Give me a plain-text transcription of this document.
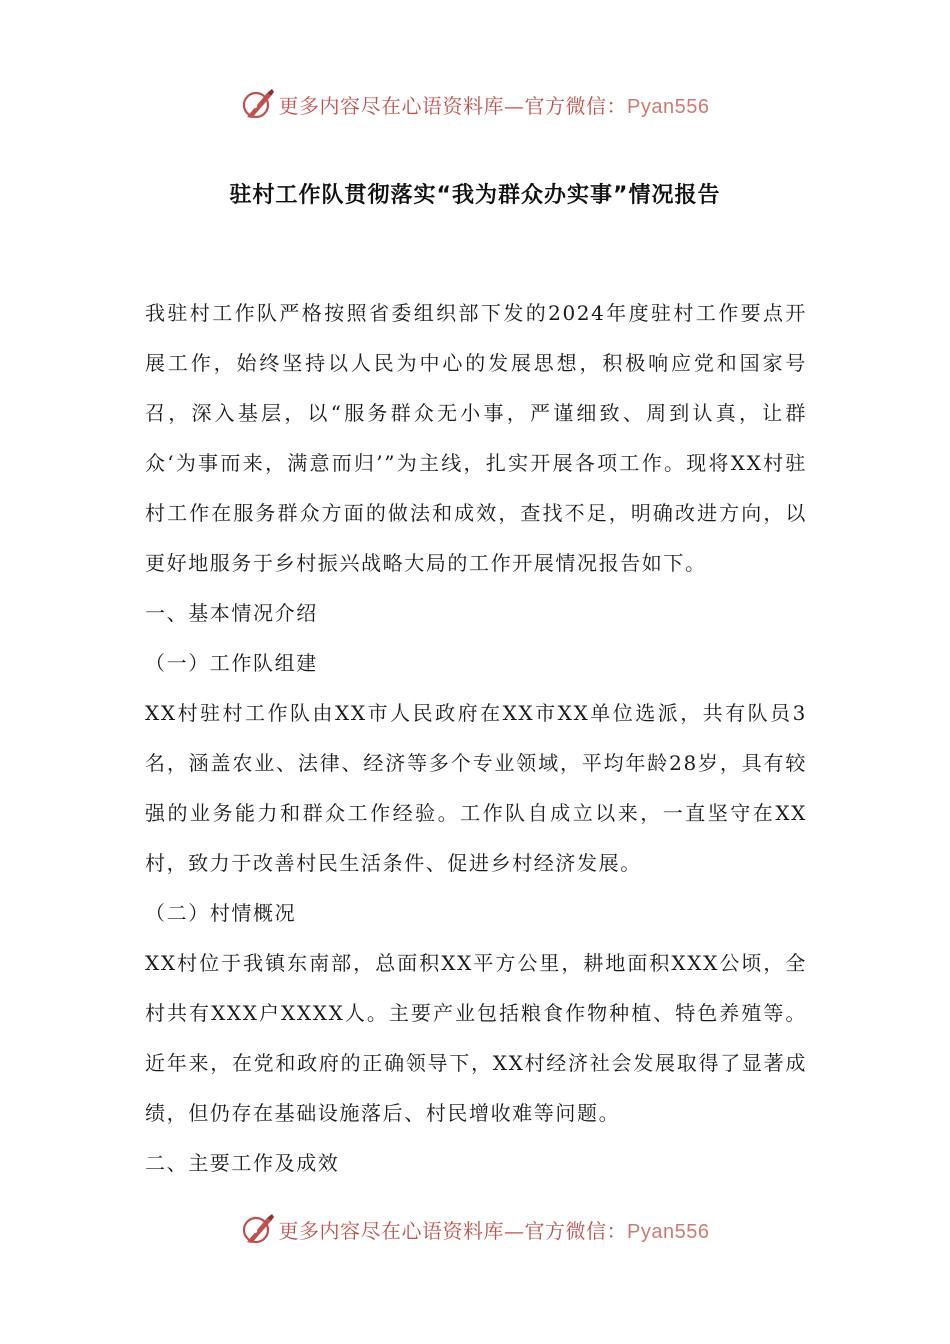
更多内容尽在心语资料库—官方微信：Pyan556
驻村工作队贯彻落实“我为群众办实事”情况报告

我驻村工作队严格按照省委组织部下发的2024年度驻村工作要点开展工作，始终坚持以人民为中心的发展思想，积极响应党和国家号召，深入基层，以“服务群众无小事，严谨细致、周到认真，让群众‘为事而来，满意而归’”为主线，扎实开展各项工作。现将XX村驻村工作在服务群众方面的做法和成效，查找不足，明确改进方向，以更好地服务于乡村振兴战略大局的工作开展情况报告如下。

一、基本情况介绍

（一）工作队组建

XX村驻村工作队由XX市人民政府在XX市XX单位选派，共有队员3名，涵盖农业、法律、经济等多个专业领域，平均年龄28岁，具有较强的业务能力和群众工作经验。工作队自成立以来，一直坚守在XX村，致力于改善村民生活条件、促进乡村经济发展。

（二）村情概况

XX村位于我镇东南部，总面积XX平方公里，耕地面积XXX公顷，全村共有XXX户XXXX人。主要产业包括粮食作物种植、特色养殖等。近年来，在党和政府的正确领导下，XX村经济社会发展取得了显著成绩，但仍存在基础设施落后、村民增收难等问题。

二、主要工作及成效

更多内容尽在心语资料库—官方微信：Pyan556
